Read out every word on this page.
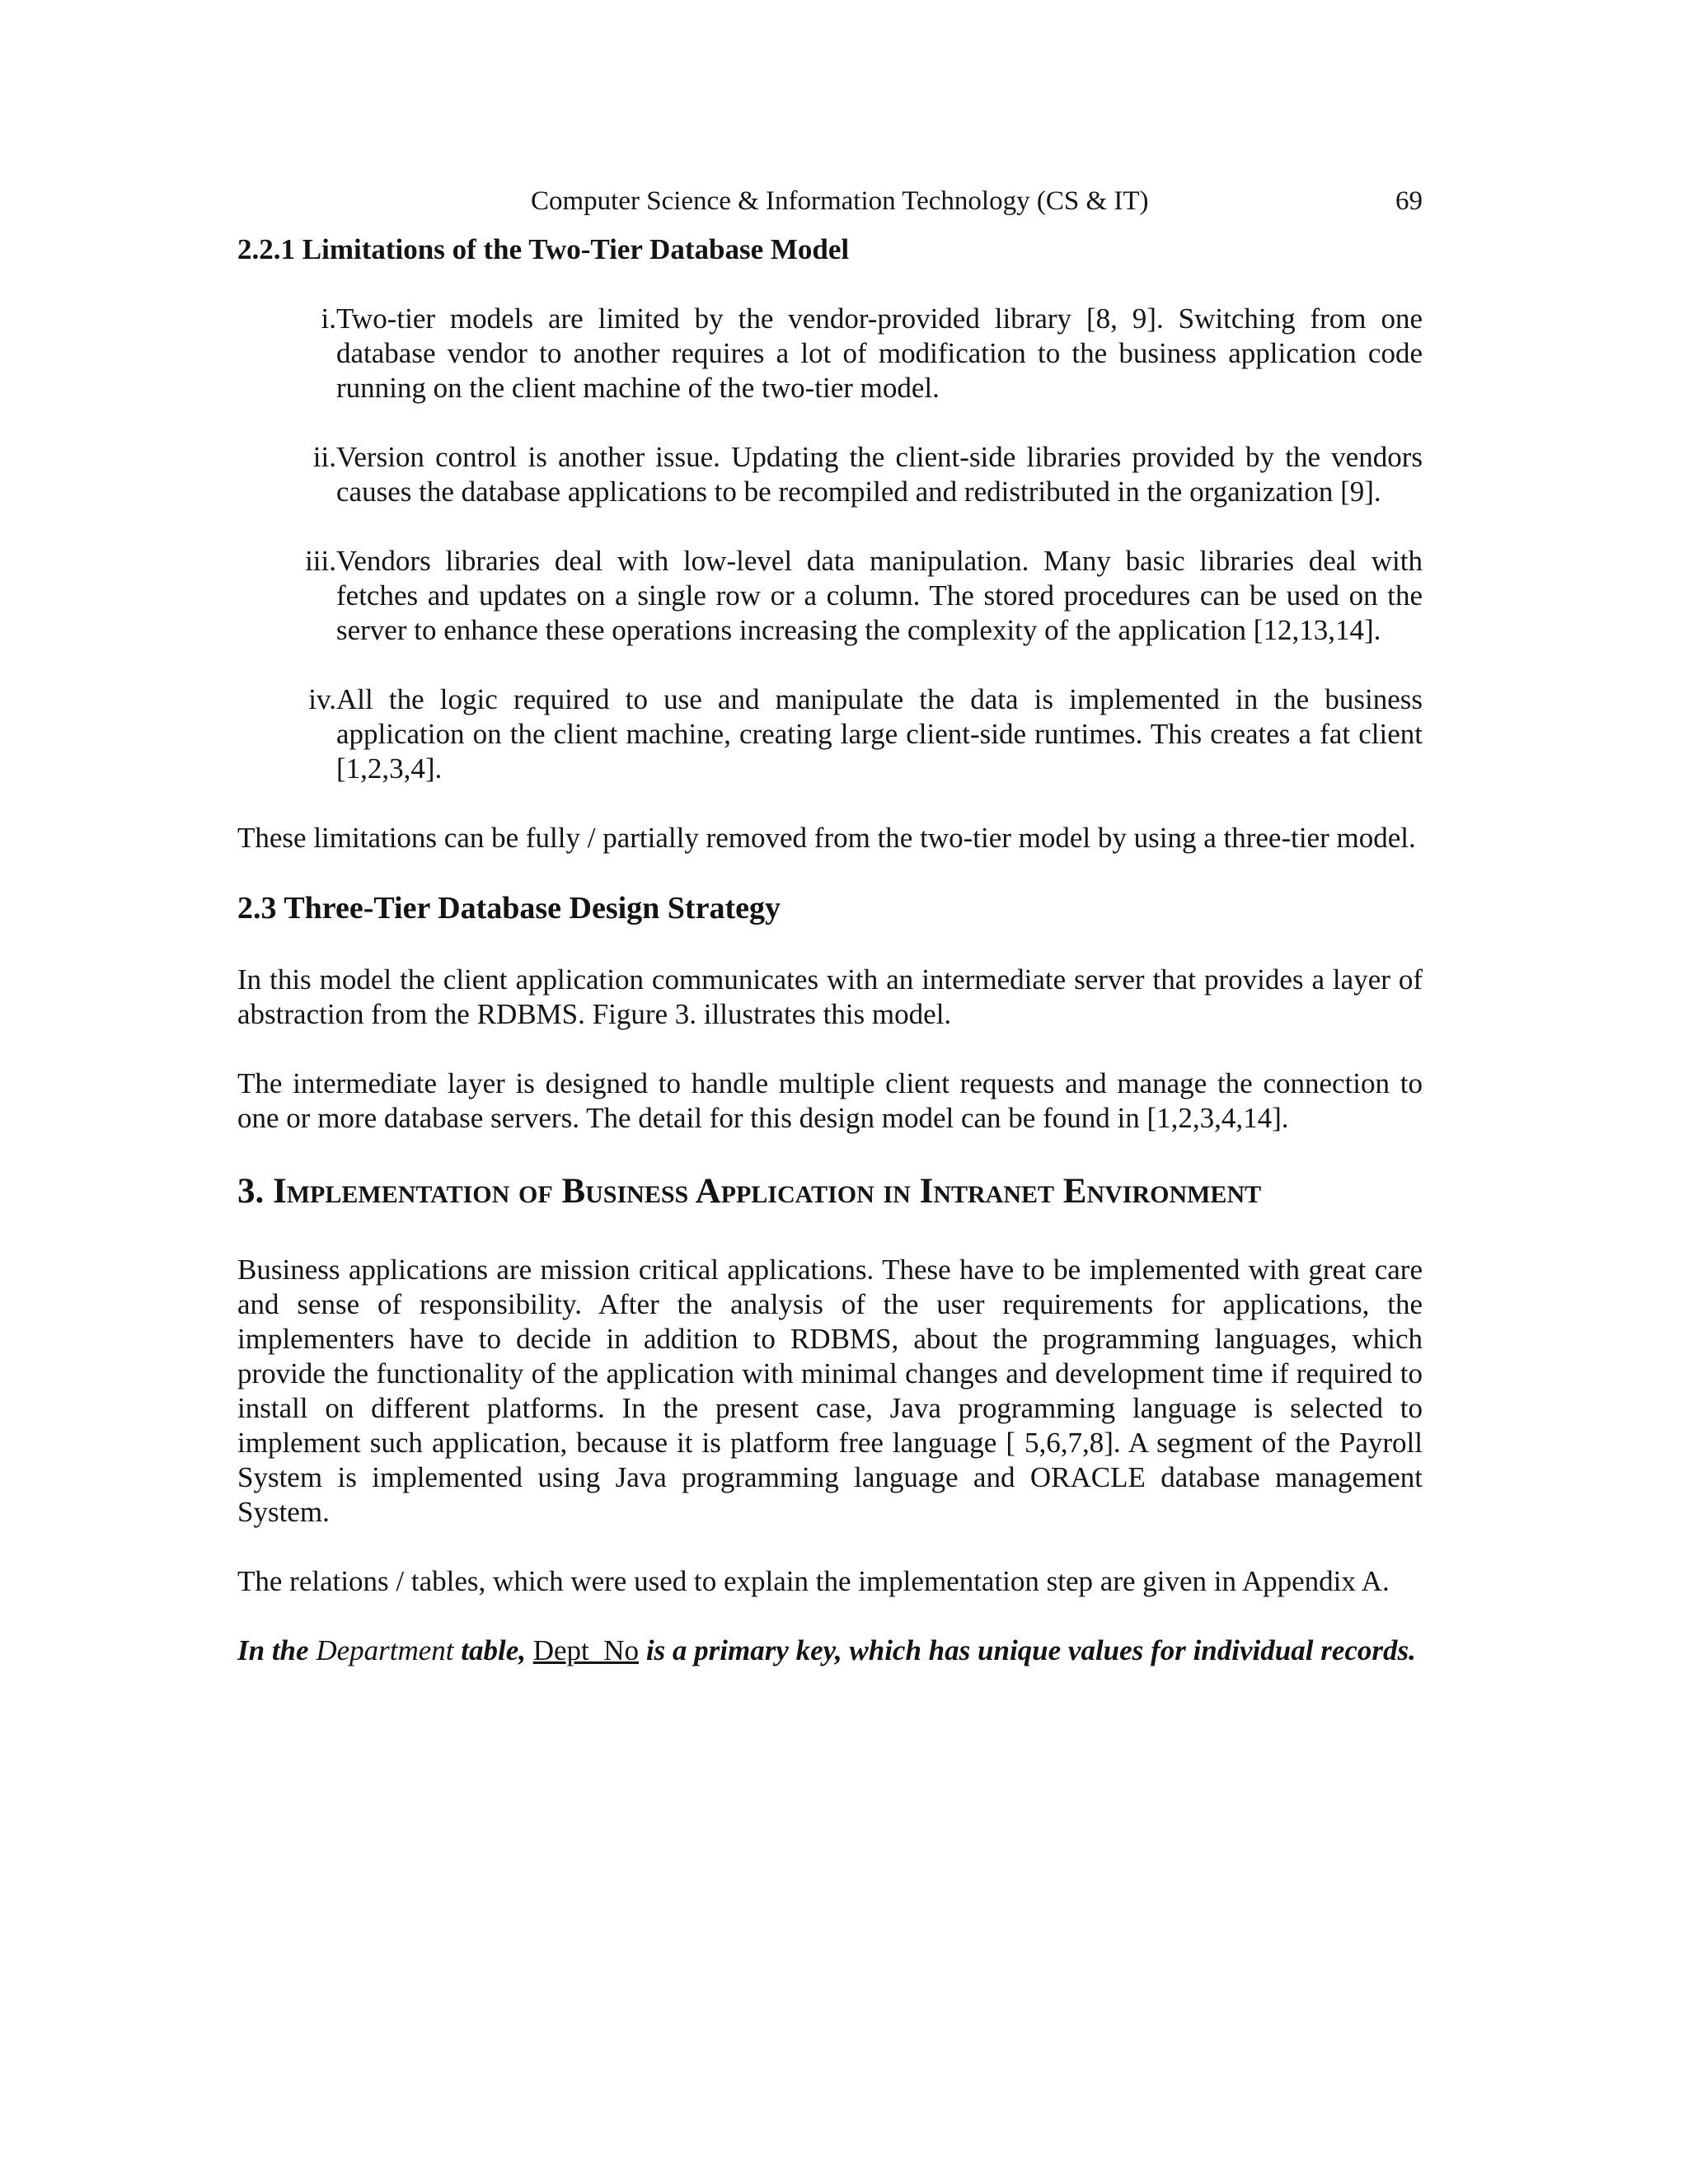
Computer Science & Information Technology (CS & IT)	69
2.2.1 Limitations of the Two-Tier Database Model
i. Two-tier models are limited by the vendor-provided library [8, 9]. Switching from one database vendor to another requires a lot of modification to the business application code running on the client machine of the two-tier model.
ii. Version control is another issue. Updating the client-side libraries provided by the vendors causes the database applications to be recompiled and redistributed in the organization [9].
iii. Vendors libraries deal with low-level data manipulation. Many basic libraries deal with fetches and updates on a single row or a column. The stored procedures can be used on the server to enhance these operations increasing the complexity of the application [12,13,14].
iv. All the logic required to use and manipulate the data is implemented in the business application on the client machine, creating large client-side runtimes. This creates a fat client [1,2,3,4].
These limitations can be fully / partially removed from the two-tier model by using a three-tier model.
2.3 Three-Tier Database Design Strategy
In this model the client application communicates with an intermediate server that provides a layer of abstraction from the RDBMS. Figure 3. illustrates this model.
The intermediate layer is designed to handle multiple client requests and manage the connection to one or more database servers. The detail for this design model can be found in [1,2,3,4,14].
3. Implementation of Business Application in Intranet Environment
Business applications are mission critical applications. These have to be implemented with great care and sense of responsibility. After the analysis of the user requirements for applications, the implementers have to decide in addition to RDBMS, about the programming languages, which provide the functionality of the application with minimal changes and development time if required to install on different platforms. In the present case, Java programming language is selected to implement such application, because it is platform free language [ 5,6,7,8]. A segment of the Payroll System is implemented using Java programming language and ORACLE database management System.
The relations / tables, which were used to explain the implementation step are given in Appendix A.
In the Department table, Dept_No is a primary key, which has unique values for individual records.
